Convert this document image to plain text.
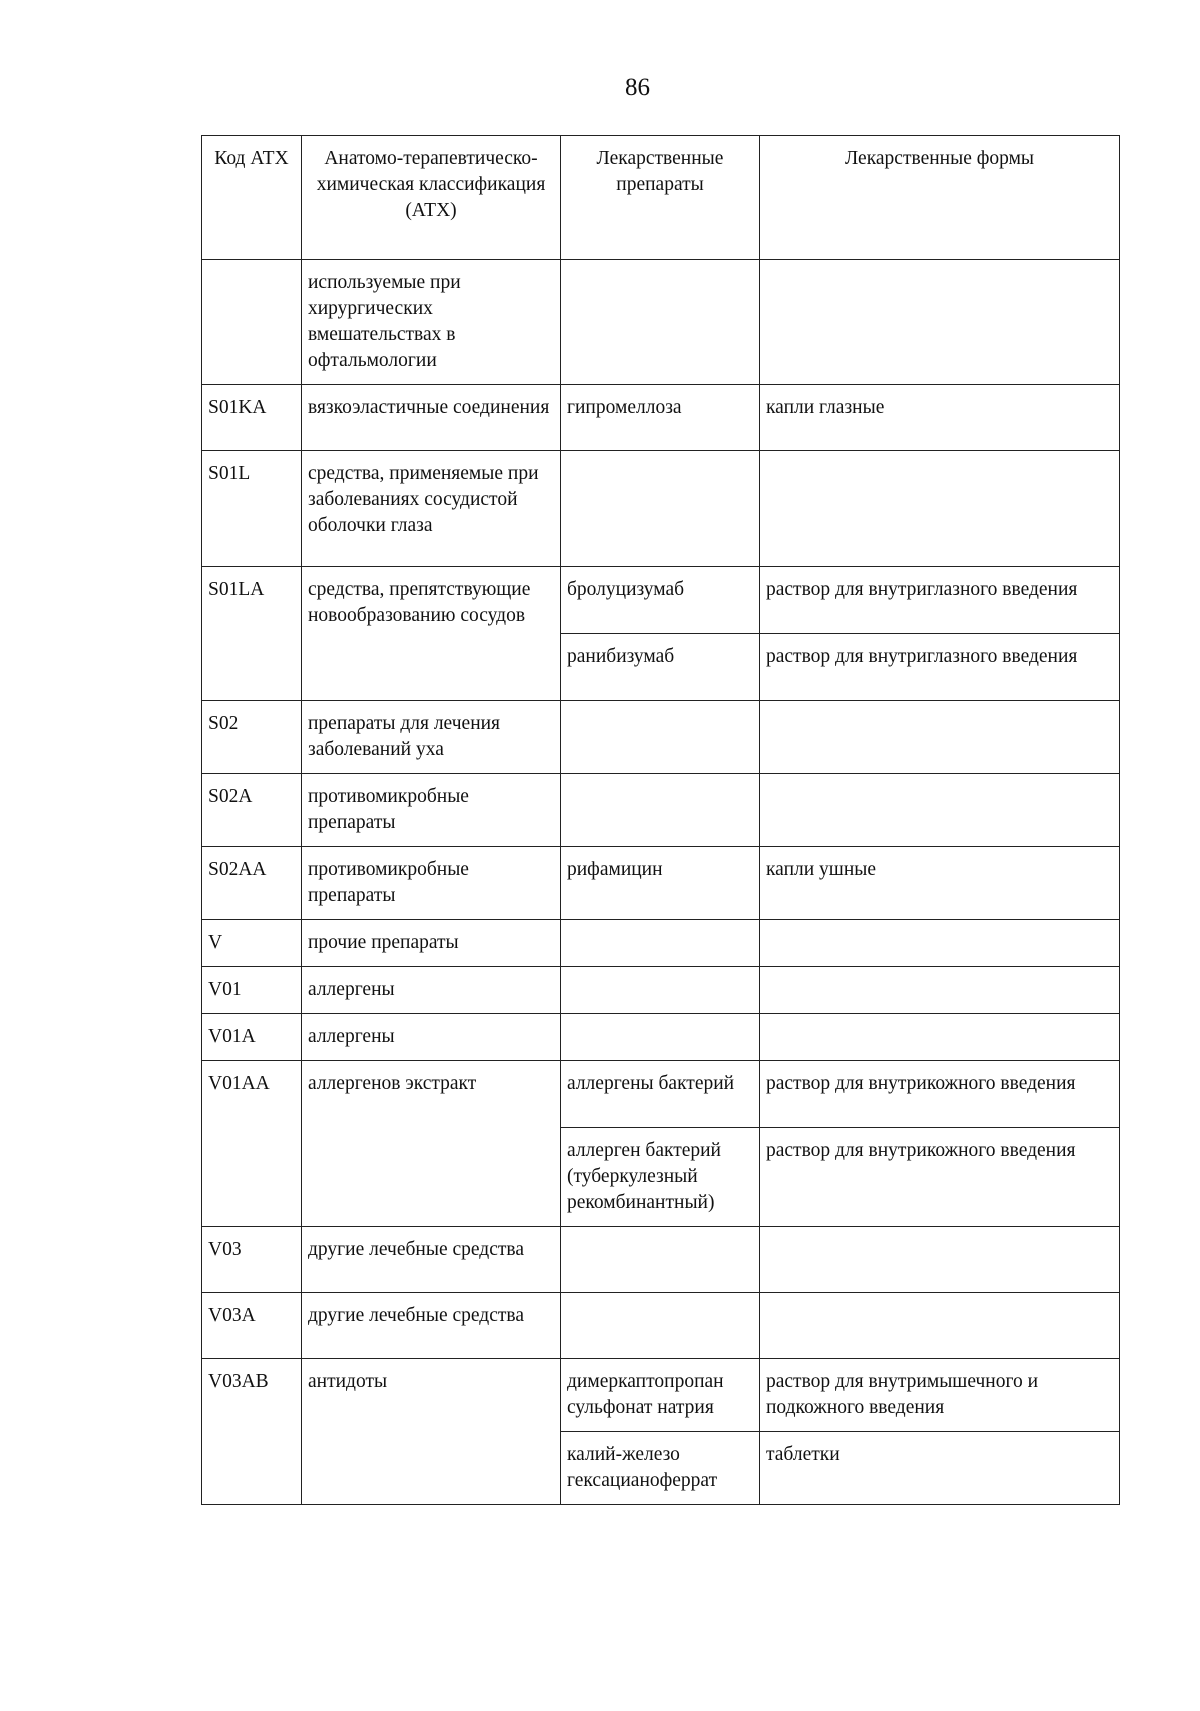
86
Код АТХ	Анатомо-терапевтическо-химическая классификация (АТХ)	Лекарственные препараты	Лекарственные формы
	используемые при хирургических вмешательствах в офтальмологии		
S01KA	вязкоэластичные соединения	гипромеллоза	капли глазные
S01L	средства, применяемые при заболеваниях сосудистой оболочки глаза		
S01LA	средства, препятствующие новообразованию сосудов	бролуцизумаб	раствор для внутриглазного введения
		ранибизумаб	раствор для внутриглазного введения
S02	препараты для лечения заболеваний уха		
S02A	противомикробные препараты		
S02AA	противомикробные препараты	рифамицин	капли ушные
V	прочие препараты		
V01	аллергены		
V01A	аллергены		
V01AA	аллергенов экстракт	аллергены бактерий	раствор для внутрикожного введения
		аллерген бактерий (туберкулезный рекомбинантный)	раствор для внутрикожного введения
V03	другие лечебные средства		
V03A	другие лечебные средства		
V03AB	антидоты	димеркаптопропан сульфонат натрия	раствор для внутримышечного и подкожного введения
		калий-железо гексацианоферрат	таблетки
